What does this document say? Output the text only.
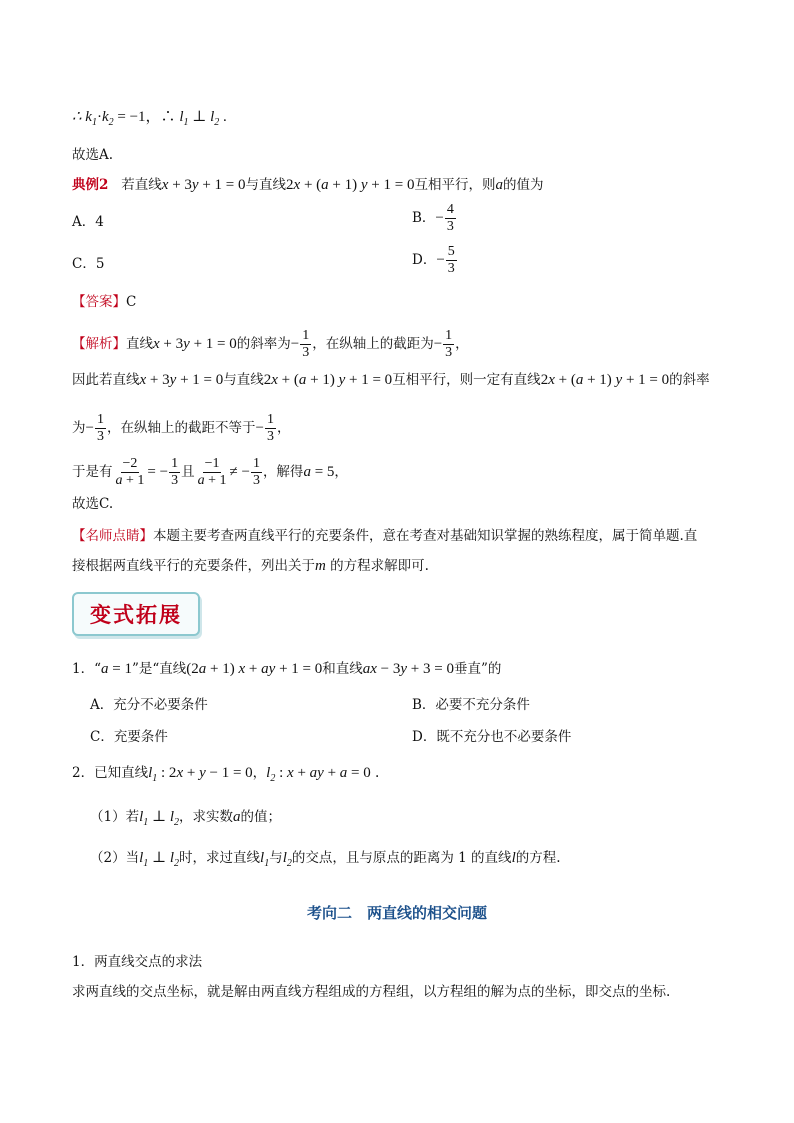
∴ $k_1\cdot k_2 = -1$，∴ $l_1$ ⊥ $l_2$ .
故选A.
典例2 若直线x + 3y + 1 = 0与直线2x + (a + 1) y + 1 = 0互相平行，则a的值为
A．4	B．− $\frac{4}{3}$
C．5	D．− $\frac{5}{3}$
【答案】C
【解析】直线x + 3y + 1 = 0的斜率为− $\frac{1}{3}$ ，在纵轴上的截距为− $\frac{1}{3}$ ，
因此若直线x + 3y + 1 = 0与直线2x + (a + 1) y + 1 = 0互相平行，则一定有直线2x + (a + 1) y + 1 = 0的斜率
为− $\frac{1}{3}$ ，在纵轴上的截距不等于− $\frac{1}{3}$ ，
于是有 $\frac{-2}{a + 1}$ = − $\frac{1}{3}$ 且 $\frac{-1}{a + 1}$ ≠ − $\frac{1}{3}$ ，解得a = 5，
故选C.
【名师点睛】本题主要考查两直线平行的充要条件，意在考查对基础知识掌握的熟练程度，属于简单题.直
接根据两直线平行的充要条件，列出关于m 的方程求解即可.
变式拓展
1．“a = 1”是“直线(2a + 1) x + ay + 1 = 0和直线ax − 3y + 3 = 0垂直”的
A．充分不必要条件	B．必要不充分条件
C．充要条件	D．既不充分也不必要条件
2．已知直线$l_1$ : 2x + y − 1 = 0，$l_2$ : x + ay + a = 0 .
（1）若$l_1$ ⊥ $l_2$，求实数a的值；
（2）当$l_1$ ⊥ $l_2$时，求过直线$l_1$与$l_2$的交点，且与原点的距离为 1 的直线l的方程.
考向二　两直线的相交问题
1．两直线交点的求法
求两直线的交点坐标，就是解由两直线方程组成的方程组，以方程组的解为点的坐标，即交点的坐标.
